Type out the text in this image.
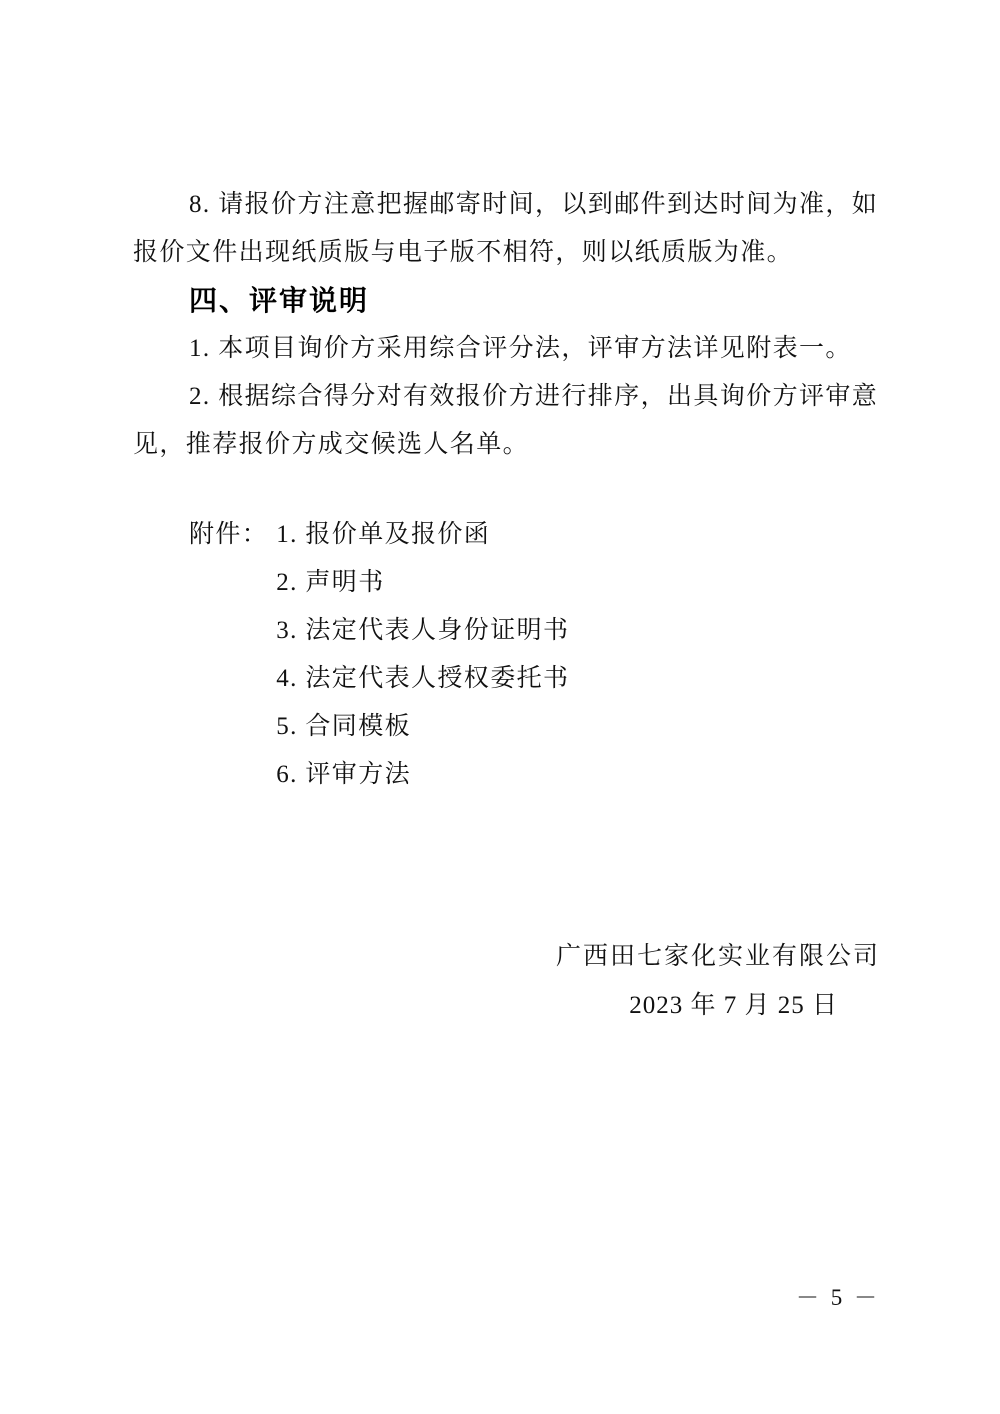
8. 请报价方注意把握邮寄时间，以到邮件到达时间为准，如

报价文件出现纸质版与电子版不相符，则以纸质版为准。

四、评审说明

1. 本项目询价方采用综合评分法，评审方法详见附表一。

2. 根据综合得分对有效报价方进行排序，出具询价方评审意

见，推荐报价方成交候选人名单。

附件： 1. 报价单及报价函
2. 声明书
3. 法定代表人身份证明书
4. 法定代表人授权委托书
5. 合同模板
6. 评审方法
广西田七家化实业有限公司
2023 年 7 月 25 日
－ 5 －
